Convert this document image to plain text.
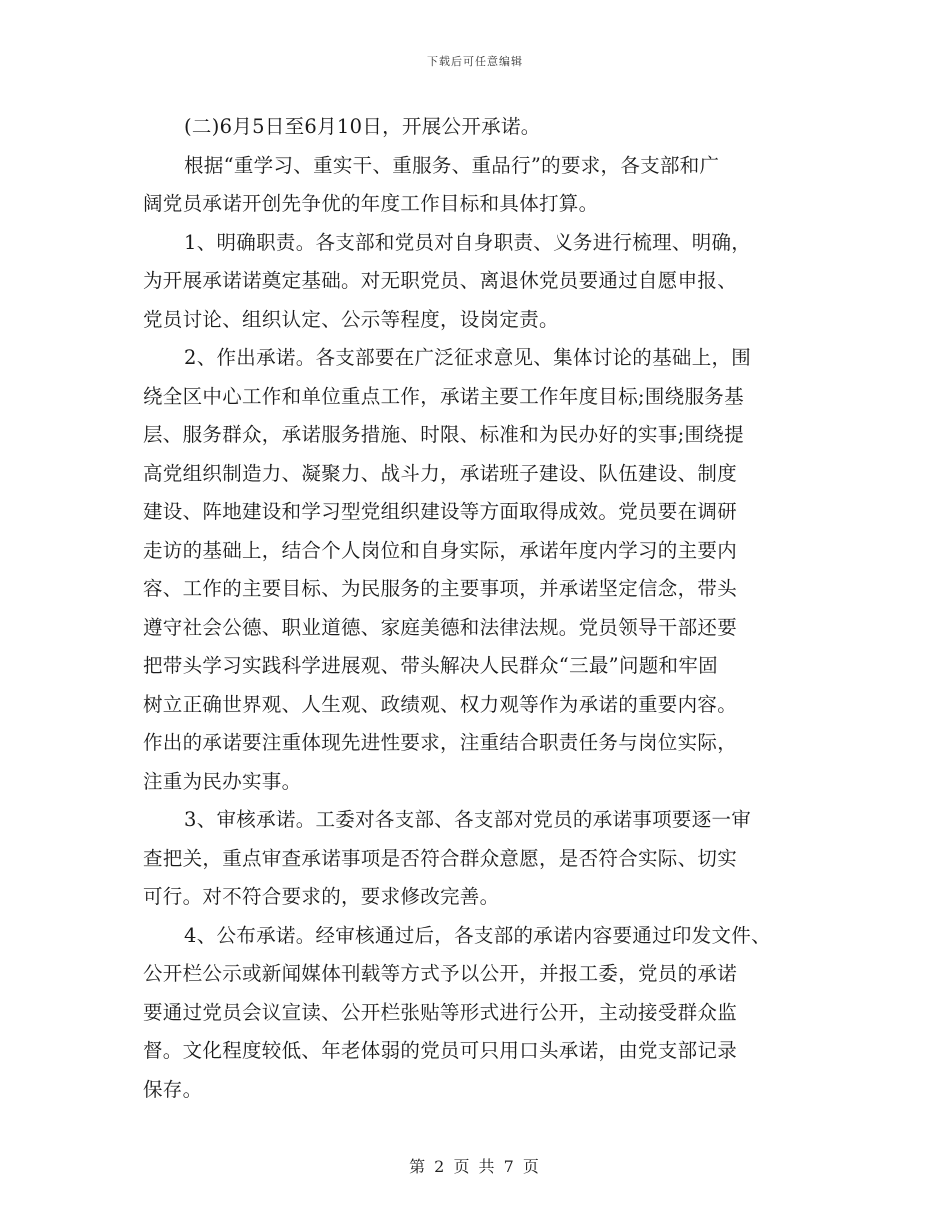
下载后可任意编辑

(二)6月5日至6月10日，开展公开承诺。

根据“重学习、重实干、重服务、重品行”的要求，各支部和广
阔党员承诺开创先争优的年度工作目标和具体打算。

1、明确职责。各支部和党员对自身职责、义务进行梳理、明确，
为开展承诺诺奠定基础。对无职党员、离退休党员要通过自愿申报、
党员讨论、组织认定、公示等程度，设岗定责。

2、作出承诺。各支部要在广泛征求意见、集体讨论的基础上，围
绕全区中心工作和单位重点工作，承诺主要工作年度目标;围绕服务基
层、服务群众，承诺服务措施、时限、标准和为民办好的实事;围绕提
高党组织制造力、凝聚力、战斗力，承诺班子建设、队伍建设、制度
建设、阵地建设和学习型党组织建设等方面取得成效。党员要在调研
走访的基础上，结合个人岗位和自身实际，承诺年度内学习的主要内
容、工作的主要目标、为民服务的主要事项，并承诺坚定信念，带头
遵守社会公德、职业道德、家庭美德和法律法规。党员领导干部还要
把带头学习实践科学进展观、带头解决人民群众“三最”问题和牢固
树立正确世界观、人生观、政绩观、权力观等作为承诺的重要内容。
作出的承诺要注重体现先进性要求，注重结合职责任务与岗位实际，
注重为民办实事。

3、审核承诺。工委对各支部、各支部对党员的承诺事项要逐一审
查把关，重点审查承诺事项是否符合群众意愿，是否符合实际、切实
可行。对不符合要求的，要求修改完善。

4、公布承诺。经审核通过后，各支部的承诺内容要通过印发文件、
公开栏公示或新闻媒体刊载等方式予以公开，并报工委，党员的承诺
要通过党员会议宣读、公开栏张贴等形式进行公开，主动接受群众监
督。文化程度较低、年老体弱的党员可只用口头承诺，由党支部记录
保存。

第 2 页 共 7 页
